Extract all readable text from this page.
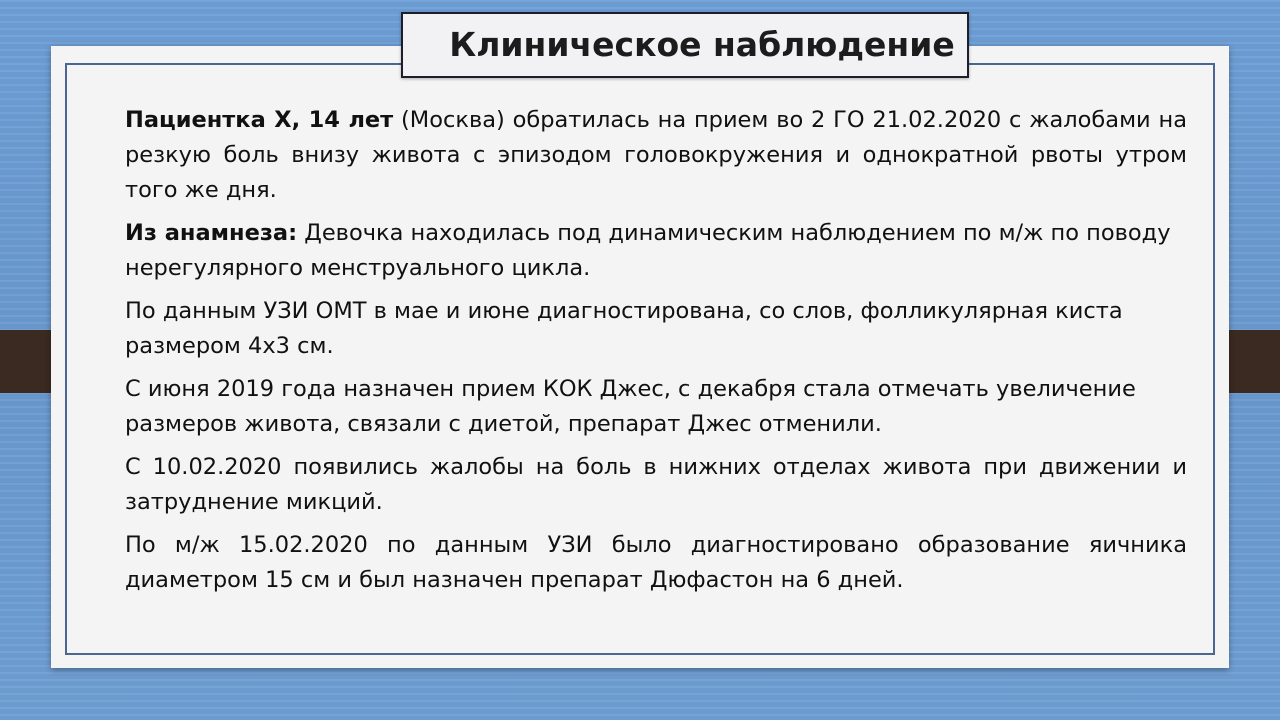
Клиническое наблюдение

Пациентка Х, 14 лет (Москва) обратилась на прием во 2 ГО 21.02.2020 с жалобами на резкую боль внизу живота с эпизодом головокружения и однократной рвоты утром того же дня.

Из анамнеза: Девочка находилась под динамическим наблюдением по м/ж по поводу нерегулярного менструального цикла.

По данным УЗИ ОМТ в мае и июне диагностирована, со слов, фолликулярная киста размером 4х3 см.

С июня 2019 года назначен прием КОК Джес, с декабря стала отмечать увеличение размеров живота, связали с диетой, препарат Джес отменили.

С 10.02.2020 появились жалобы на боль в нижних отделах живота при движении и затруднение микций.

По м/ж 15.02.2020 по данным УЗИ было диагностировано образование яичника диаметром 15 см и был назначен препарат Дюфастон на 6 дней.
